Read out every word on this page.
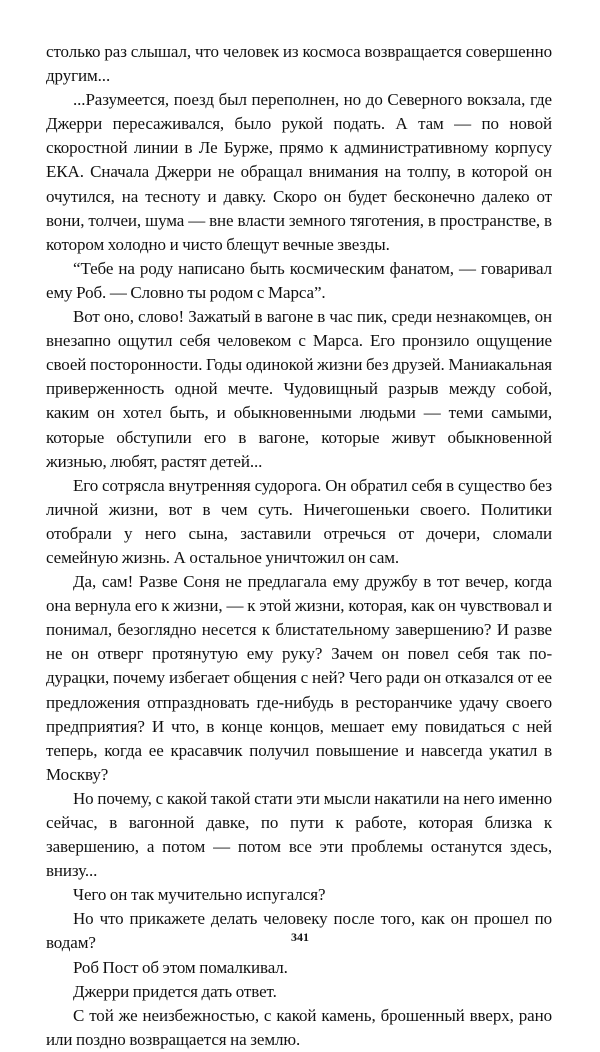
столько раз слышал, что человек из космоса возвращается совершенно другим...

...Разумеется, поезд был переполнен, но до Северного вокзала, где Джерри пересаживался, было рукой подать. А там — по новой скоростной линии в Ле Бурже, прямо к административному корпусу ЕКА. Сначала Джерри не обращал внимания на толпу, в которой он очутился, на тесноту и давку. Скоро он будет бесконечно далеко от вони, толчеи, шума — вне власти земного тяготения, в пространстве, в котором холодно и чисто блещут вечные звезды.

“Тебе на роду написано быть космическим фанатом, — говаривал ему Роб. — Словно ты родом с Марса”.

Вот оно, слово! Зажатый в вагоне в час пик, среди незнакомцев, он внезапно ощутил себя человеком с Марса. Его пронзило ощущение своей посторонности. Годы одинокой жизни без друзей. Маниакальная приверженность одной мечте. Чудовищный разрыв между собой, каким он хотел быть, и обыкновенными людьми — теми самыми, которые обступили его в вагоне, которые живут обыкновенной жизнью, любят, растят детей...

Его сотрясла внутренняя судорога. Он обратил себя в существо без личной жизни, вот в чем суть. Ничегошеньки своего. Политики отобрали у него сына, заставили отречься от дочери, сломали семейную жизнь. А остальное уничтожил он сам.

Да, сам! Разве Соня не предлагала ему дружбу в тот вечер, когда она вернула его к жизни, — к этой жизни, которая, как он чувствовал и понимал, безоглядно несется к блистательному завершению? И разве не он отверг протянутую ему руку? Зачем он повел себя так по-дурацки, почему избегает общения с ней? Чего ради он отказался от ее предложения отпраздновать где-нибудь в ресторанчике удачу своего предприятия? И что, в конце концов, мешает ему повидаться с ней теперь, когда ее красавчик получил повышение и навсегда укатил в Москву?

Но почему, с какой такой стати эти мысли накатили на него именно сейчас, в вагонной давке, по пути к работе, которая близка к завершению, а потом — потом все эти проблемы останутся здесь, внизу...

Чего он так мучительно испугался?

Но что прикажете делать человеку после того, как он прошел по водам?

Роб Пост об этом помалкивал.

Джерри придется дать ответ.

С той же неизбежностью, с какой камень, брошенный вверх, рано или поздно возвращается на землю.

341
